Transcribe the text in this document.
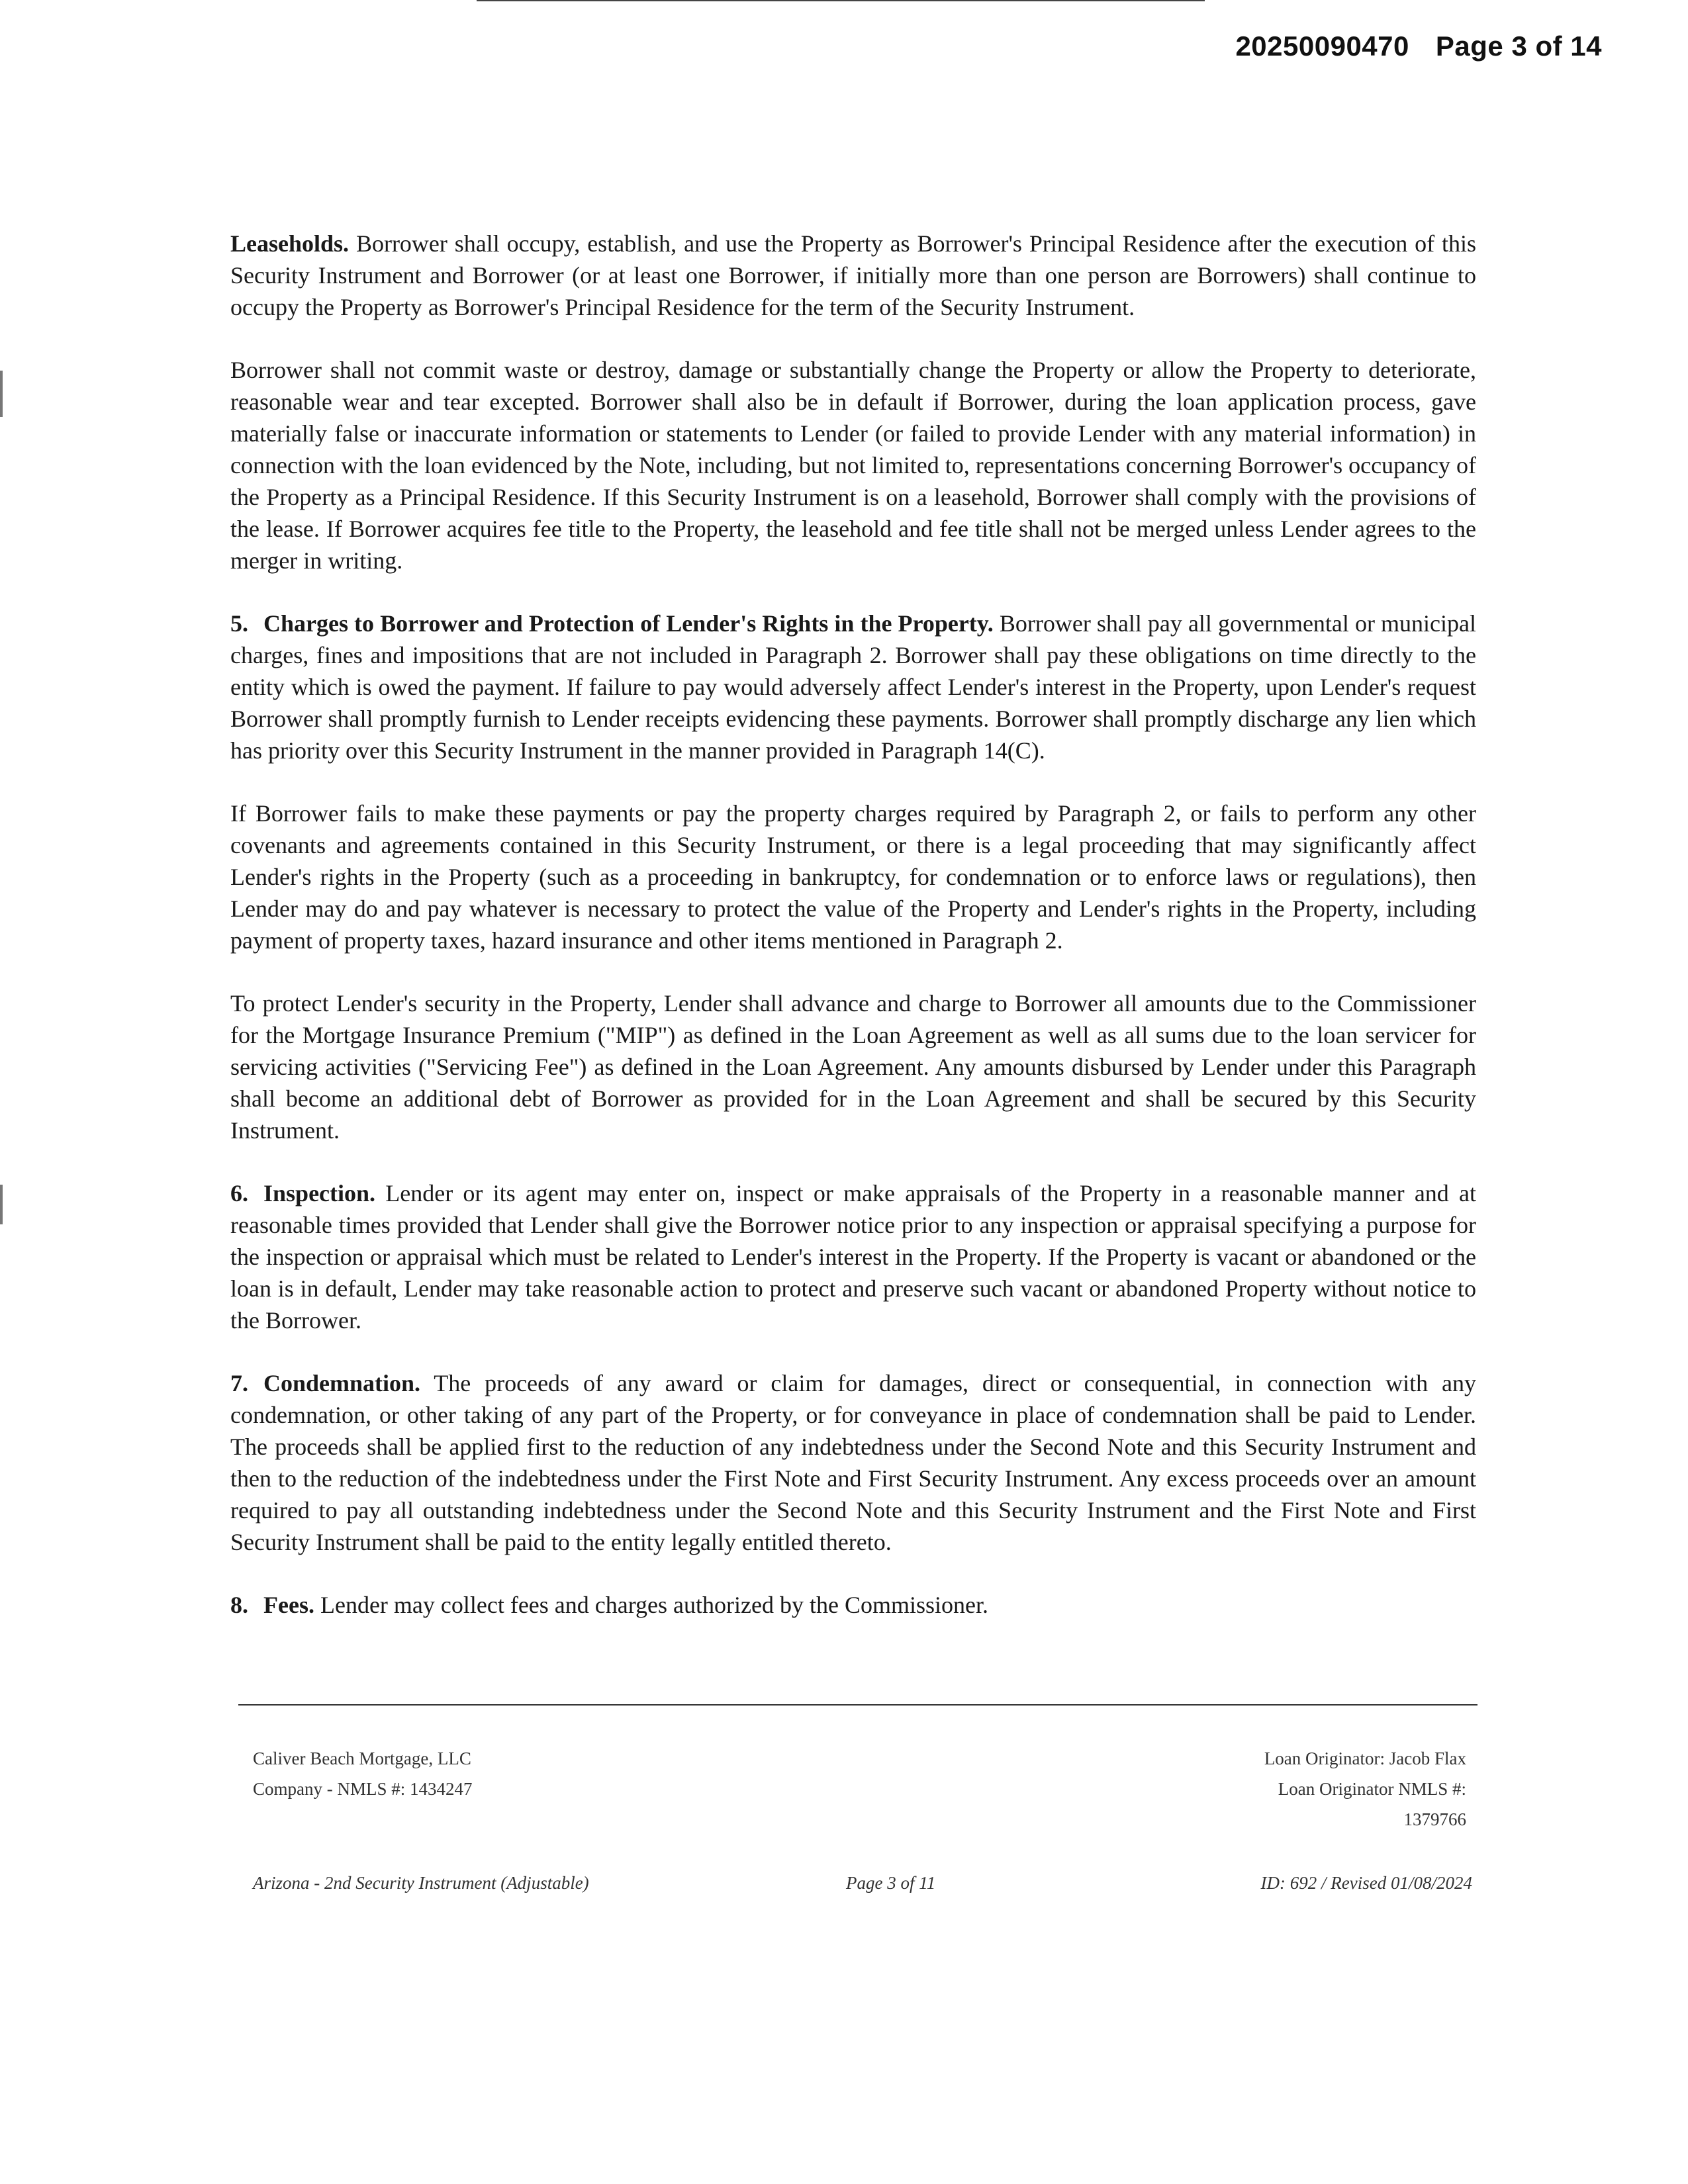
20250090470 Page 3 of 14

Leaseholds. Borrower shall occupy, establish, and use the Property as Borrower's Principal Residence after the execution of this Security Instrument and Borrower (or at least one Borrower, if initially more than one person are Borrowers) shall continue to occupy the Property as Borrower's Principal Residence for the term of the Security Instrument.

Borrower shall not commit waste or destroy, damage or substantially change the Property or allow the Property to deteriorate, reasonable wear and tear excepted. Borrower shall also be in default if Borrower, during the loan application process, gave materially false or inaccurate information or statements to Lender (or failed to provide Lender with any material information) in connection with the loan evidenced by the Note, including, but not limited to, representations concerning Borrower's occupancy of the Property as a Principal Residence. If this Security Instrument is on a leasehold, Borrower shall comply with the provisions of the lease. If Borrower acquires fee title to the Property, the leasehold and fee title shall not be merged unless Lender agrees to the merger in writing.

5. Charges to Borrower and Protection of Lender's Rights in the Property. Borrower shall pay all governmental or municipal charges, fines and impositions that are not included in Paragraph 2. Borrower shall pay these obligations on time directly to the entity which is owed the payment. If failure to pay would adversely affect Lender's interest in the Property, upon Lender's request Borrower shall promptly furnish to Lender receipts evidencing these payments. Borrower shall promptly discharge any lien which has priority over this Security Instrument in the manner provided in Paragraph 14(C).

If Borrower fails to make these payments or pay the property charges required by Paragraph 2, or fails to perform any other covenants and agreements contained in this Security Instrument, or there is a legal proceeding that may significantly affect Lender's rights in the Property (such as a proceeding in bankruptcy, for condemnation or to enforce laws or regulations), then Lender may do and pay whatever is necessary to protect the value of the Property and Lender's rights in the Property, including payment of property taxes, hazard insurance and other items mentioned in Paragraph 2.

To protect Lender's security in the Property, Lender shall advance and charge to Borrower all amounts due to the Commissioner for the Mortgage Insurance Premium ("MIP") as defined in the Loan Agreement as well as all sums due to the loan servicer for servicing activities ("Servicing Fee") as defined in the Loan Agreement. Any amounts disbursed by Lender under this Paragraph shall become an additional debt of Borrower as provided for in the Loan Agreement and shall be secured by this Security Instrument.

6. Inspection. Lender or its agent may enter on, inspect or make appraisals of the Property in a reasonable manner and at reasonable times provided that Lender shall give the Borrower notice prior to any inspection or appraisal specifying a purpose for the inspection or appraisal which must be related to Lender's interest in the Property. If the Property is vacant or abandoned or the loan is in default, Lender may take reasonable action to protect and preserve such vacant or abandoned Property without notice to the Borrower.

7. Condemnation. The proceeds of any award or claim for damages, direct or consequential, in connection with any condemnation, or other taking of any part of the Property, or for conveyance in place of condemnation shall be paid to Lender. The proceeds shall be applied first to the reduction of any indebtedness under the Second Note and this Security Instrument and then to the reduction of the indebtedness under the First Note and First Security Instrument. Any excess proceeds over an amount required to pay all outstanding indebtedness under the Second Note and this Security Instrument and the First Note and First Security Instrument shall be paid to the entity legally entitled thereto.

8. Fees. Lender may collect fees and charges authorized by the Commissioner.

Caliver Beach Mortgage, LLC
Company - NMLS #: 1434247
Loan Originator: Jacob Flax
Loan Originator NMLS #:
1379766
Arizona - 2nd Security Instrument (Adjustable)	Page 3 of 11	ID: 692 / Revised 01/08/2024
